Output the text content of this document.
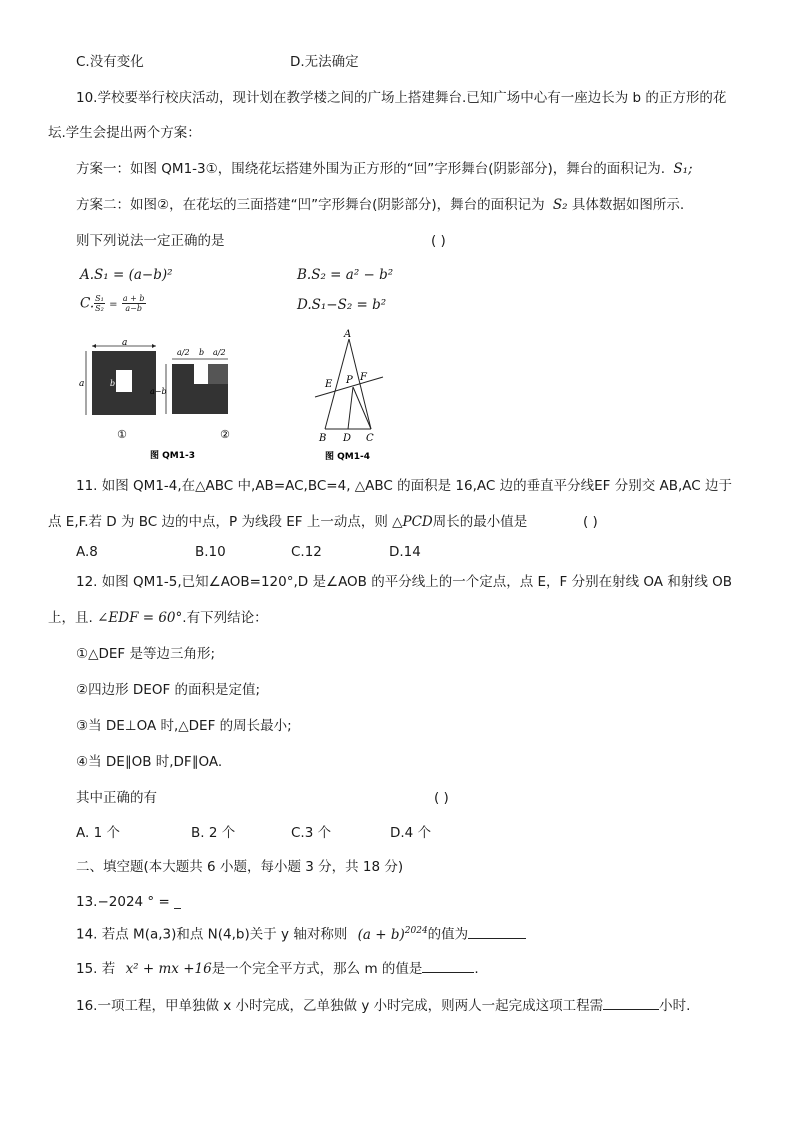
C.没有变化	D.无法确定
10.学校要举行校庆活动，现计划在教学楼之间的广场上搭建舞台.已知广场中心有一座边长为 b 的正方形的花
坛.学生会提出两个方案：
方案一：如图 QM1-3①，围绕花坛搭建外围为正方形的“回”字形舞台(阴影部分)，舞台的面积记为. S₁;
方案二：如图②，在花坛的三面搭建“凹”字形舞台(阴影部分)，舞台的面积记为 S₂ 具体数据如图所示.
则下列说法一定正确的是	( )
A.S₁ = (a−b)²	B.S₂ = a² − b²
C. $\frac{\text{S₁}}{\text{S₂}} = \frac{a + b}{a-b}$	D.S₁−S₂ = b²
a
a	b
①
a/2 b a/2
a−b
②
图 QM1-3
A
E P F
B D C
图 QM1-4
11. 如图 QM1-4,在△ABC 中,AB=AC,BC=4, △ABC 的面积是 16,AC 边的垂直平分线EF 分别交 AB,AC 边于
点 E,F.若 D 为 BC 边的中点，P 为线段 EF 上一动点，则 △PCD周长的最小值是	( )
A.8	B.10	C.12	D.14
12. 如图 QM1-5,已知∠AOB=120°,D 是∠AOB 的平分线上的一个定点，点 E，F 分别在射线 OA 和射线 OB
上，且. ∠EDF = 60°.有下列结论：
①△DEF 是等边三角形;
②四边形 DEOF 的面积是定值;
③当 DE⊥OA 时,△DEF 的周长最小;
④当 DE∥OB 时,DF∥OA.
其中正确的有	( )
A. 1 个	B. 2 个	C.3 个	D.4 个
二、填空题(本大题共 6 小题，每小题 3 分，共 18 分)
13.−2024 ° = _
14. 若点 M(a,3)和点 N(4,b)关于 y 轴对称则 $(a + b)^{2024}$的值为
15. 若 x² + mx +16是一个完全平方式，那么 m 的值是	.
16.一项工程，甲单独做 x 小时完成，乙单独做 y 小时完成，则两人一起完成这项工程需	小时.
